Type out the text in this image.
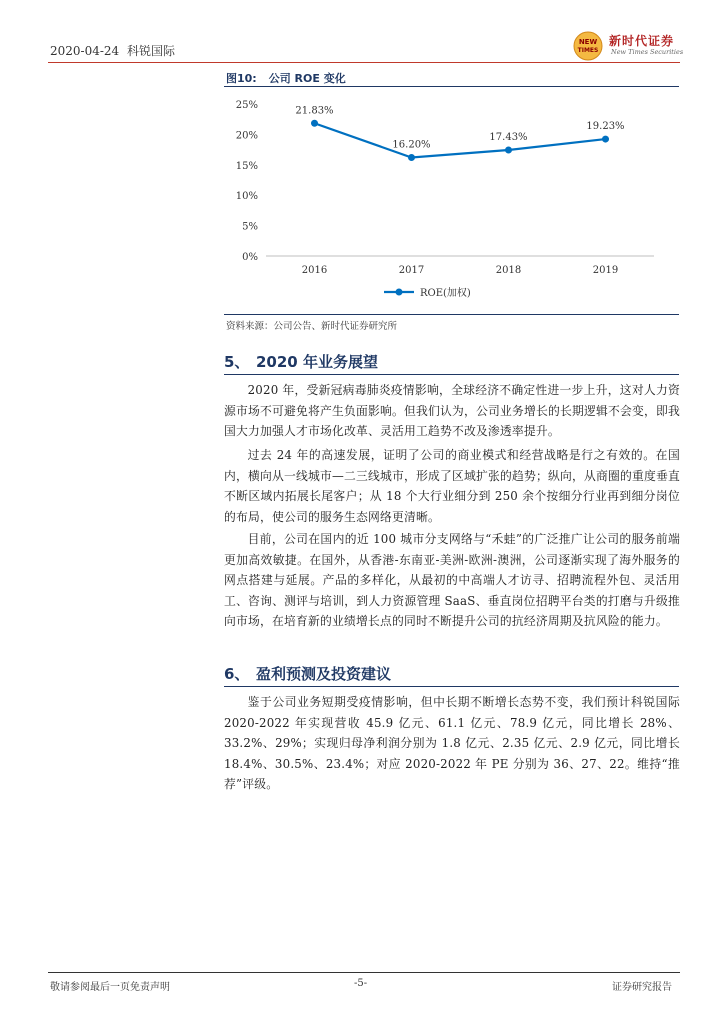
2020-04-24 科锐国际
NEW
TIMES
新时代证券
New Times Securities
图10: 公司 ROE 变化
0%
5%
10%
15%
20%
25%
2016	2017	2018	2019
21.83%
16.20%
17.43%
19.23%
ROE(加权)
资料来源：公司公告、新时代证券研究所
5、 2020 年业务展望
2020 年，受新冠病毒肺炎疫情影响，全球经济不确定性进一步上升，这对人力资源市场不可避免将产生负面影响。但我们认为，公司业务增长的长期逻辑不会变，即我国大力加强人才市场化改革、灵活用工趋势不改及渗透率提升。
过去 24 年的高速发展，证明了公司的商业模式和经营战略是行之有效的。在国内，横向从一线城市—二三线城市，形成了区域扩张的趋势；纵向，从商圈的重度垂直不断区域内拓展长尾客户；从 18 个大行业细分到 250 余个按细分行业再到细分岗位的布局，使公司的服务生态网络更清晰。
目前，公司在国内的近 100 城市分支网络与“禾蛙”的广泛推广让公司的服务前端更加高效敏捷。在国外，从香港-东南亚-美洲-欧洲-澳洲，公司逐渐实现了海外服务的网点搭建与延展。产品的多样化，从最初的中高端人才访寻、招聘流程外包、灵活用工、咨询、测评与培训，到人力资源管理 SaaS、垂直岗位招聘平台类的打磨与升级推向市场，在培育新的业绩增长点的同时不断提升公司的抗经济周期及抗风险的能力。
6、 盈利预测及投资建议
鉴于公司业务短期受疫情影响，但中长期不断增长态势不变，我们预计科锐国际 2020-2022 年实现营收 45.9 亿元、61.1 亿元、78.9 亿元，同比增长 28%、33.2%、29%；实现归母净利润分别为 1.8 亿元、2.35 亿元、2.9 亿元，同比增长 18.4%、30.5%、23.4%；对应 2020-2022 年 PE 分别为 36、27、22。维持“推荐”评级。
敬请参阅最后一页免责声明	-5-	证券研究报告
